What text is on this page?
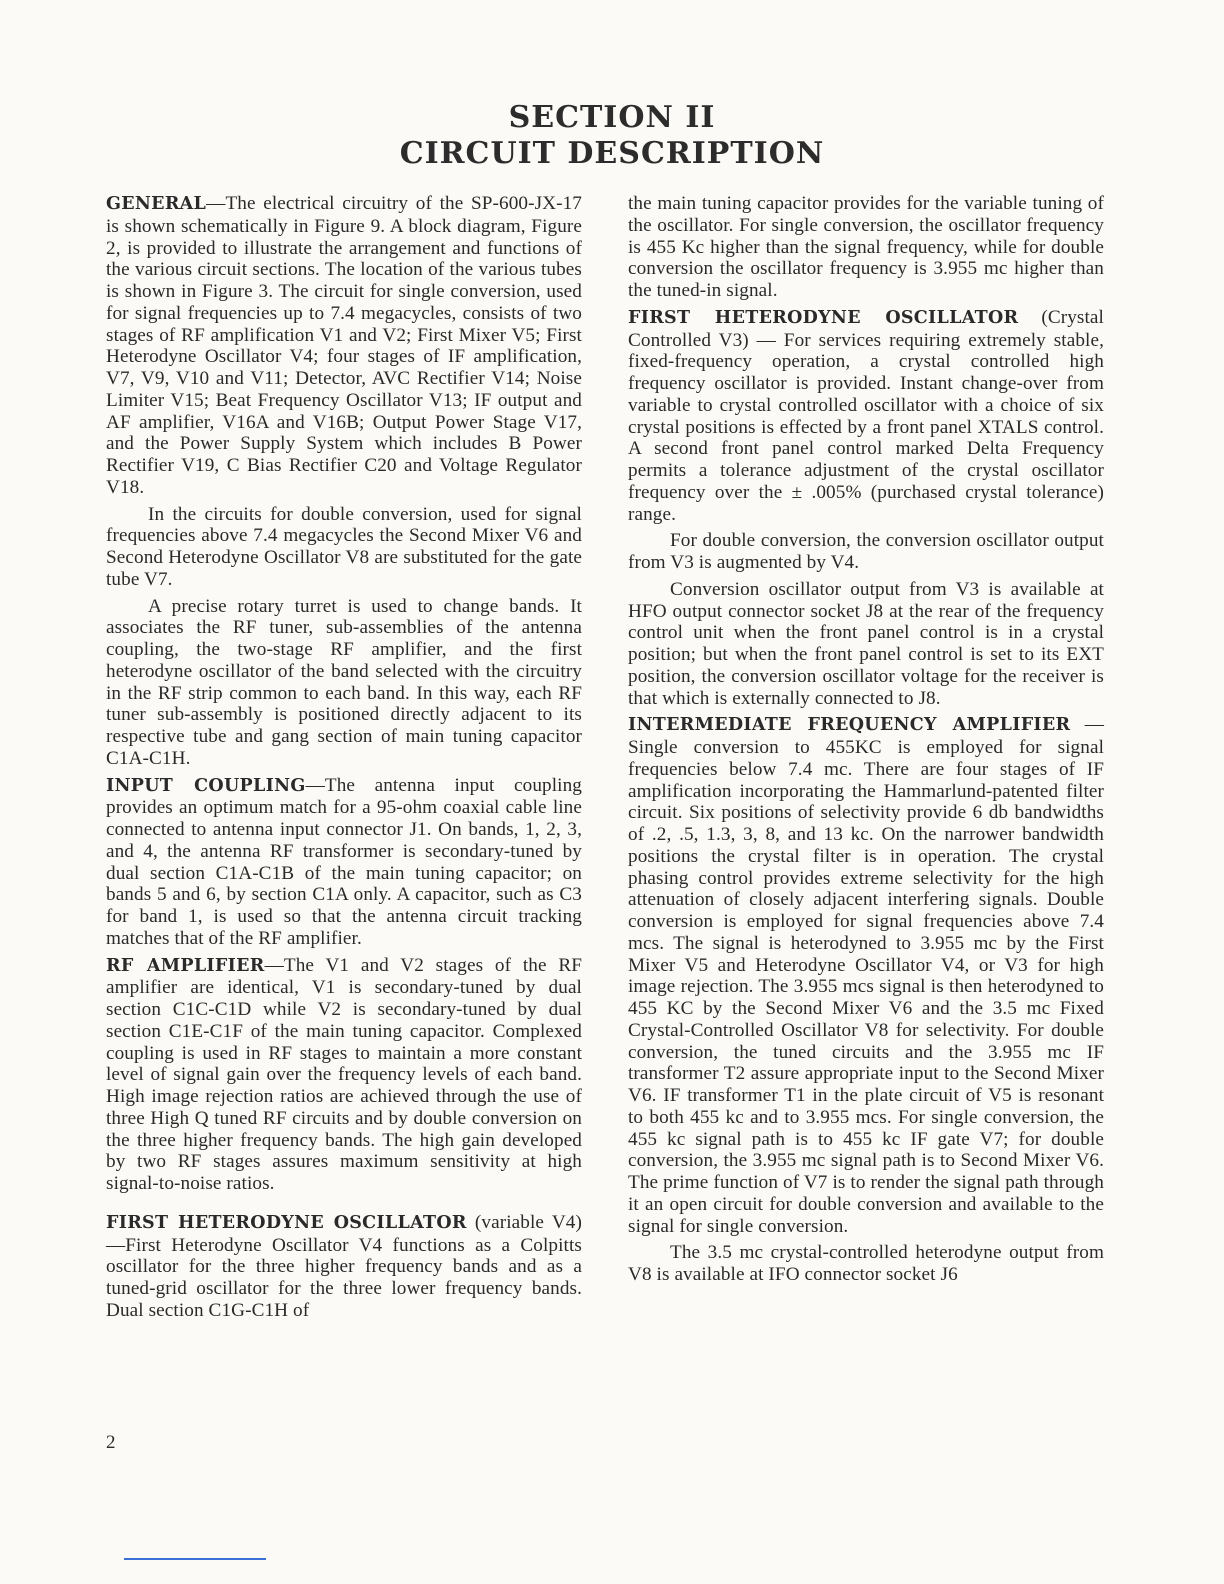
SECTION II
CIRCUIT DESCRIPTION

GENERAL—The electrical circuitry of the SP-600-JX-17 is shown schematically in Figure 9. A block diagram, Figure 2, is provided to illustrate the arrangement and functions of the various circuit sections. The location of the various tubes is shown in Figure 3. The circuit for single conversion, used for signal frequencies up to 7.4 megacycles, consists of two stages of RF amplification V1 and V2; First Mixer V5; First Heterodyne Oscillator V4; four stages of IF amplification, V7, V9, V10 and V11; Detector, AVC Rectifier V14; Noise Limiter V15; Beat Frequency Oscillator V13; IF output and AF amplifier, V16A and V16B; Output Power Stage V17, and the Power Supply System which includes B Power Rectifier V19, C Bias Rectifier C20 and Voltage Regulator V18.

In the circuits for double conversion, used for signal frequencies above 7.4 megacycles the Second Mixer V6 and Second Heterodyne Oscillator V8 are substituted for the gate tube V7.

A precise rotary turret is used to change bands. It associates the RF tuner, sub-assemblies of the antenna coupling, the two-stage RF amplifier, and the first heterodyne oscillator of the band selected with the circuitry in the RF strip common to each band. In this way, each RF tuner sub-assembly is positioned directly adjacent to its respective tube and gang section of main tuning capacitor C1A-C1H.

INPUT COUPLING—The antenna input coupling provides an optimum match for a 95-ohm coaxial cable line connected to antenna input connector J1. On bands, 1, 2, 3, and 4, the antenna RF transformer is secondary-tuned by dual section C1A-C1B of the main tuning capacitor; on bands 5 and 6, by section C1A only. A capacitor, such as C3 for band 1, is used so that the antenna circuit tracking matches that of the RF amplifier.

RF AMPLIFIER—The V1 and V2 stages of the RF amplifier are identical, V1 is secondary-tuned by dual section C1C-C1D while V2 is secondary-tuned by dual section C1E-C1F of the main tuning capacitor. Complexed coupling is used in RF stages to maintain a more constant level of signal gain over the frequency levels of each band. High image rejection ratios are achieved through the use of three High Q tuned RF circuits and by double conversion on the three higher frequency bands. The high gain developed by two RF stages assures maximum sensitivity at high signal-to-noise ratios.

FIRST HETERODYNE OSCILLATOR (variable V4)—First Heterodyne Oscillator V4 functions as a Colpitts oscillator for the three higher frequency bands and as a tuned-grid oscillator for the three lower frequency bands. Dual section C1G-C1H of

the main tuning capacitor provides for the variable tuning of the oscillator. For single conversion, the oscillator frequency is 455 Kc higher than the signal frequency, while for double conversion the oscillator frequency is 3.955 mc higher than the tuned-in signal.

FIRST HETERODYNE OSCILLATOR (Crystal Controlled V3) — For services requiring extremely stable, fixed-frequency operation, a crystal controlled high frequency oscillator is provided. Instant change-over from variable to crystal controlled oscillator with a choice of six crystal positions is effected by a front panel XTALS control. A second front panel control marked Delta Frequency permits a tolerance adjustment of the crystal oscillator frequency over the ± .005% (purchased crystal tolerance) range.

For double conversion, the conversion oscillator output from V3 is augmented by V4.

Conversion oscillator output from V3 is available at HFO output connector socket J8 at the rear of the frequency control unit when the front panel control is in a crystal position; but when the front panel control is set to its EXT position, the conversion oscillator voltage for the receiver is that which is externally connected to J8.

INTERMEDIATE FREQUENCY AMPLIFIER — Single conversion to 455KC is employed for signal frequencies below 7.4 mc. There are four stages of IF amplification incorporating the Hammarlund-patented filter circuit. Six positions of selectivity provide 6 db bandwidths of .2, .5, 1.3, 3, 8, and 13 kc. On the narrower bandwidth positions the crystal filter is in operation. The crystal phasing control provides extreme selectivity for the high attenuation of closely adjacent interfering signals. Double conversion is employed for signal frequencies above 7.4 mcs. The signal is heterodyned to 3.955 mc by the First Mixer V5 and Heterodyne Oscillator V4, or V3 for high image rejection. The 3.955 mcs signal is then heterodyned to 455 KC by the Second Mixer V6 and the 3.5 mc Fixed Crystal-Controlled Oscillator V8 for selectivity. For double conversion, the tuned circuits and the 3.955 mc IF transformer T2 assure appropriate input to the Second Mixer V6. IF transformer T1 in the plate circuit of V5 is resonant to both 455 kc and to 3.955 mcs. For single conversion, the 455 kc signal path is to 455 kc IF gate V7; for double conversion, the 3.955 mc signal path is to Second Mixer V6. The prime function of V7 is to render the signal path through it an open circuit for double conversion and available to the signal for single conversion.

The 3.5 mc crystal-controlled heterodyne output from V8 is available at IFO connector socket J6

2
